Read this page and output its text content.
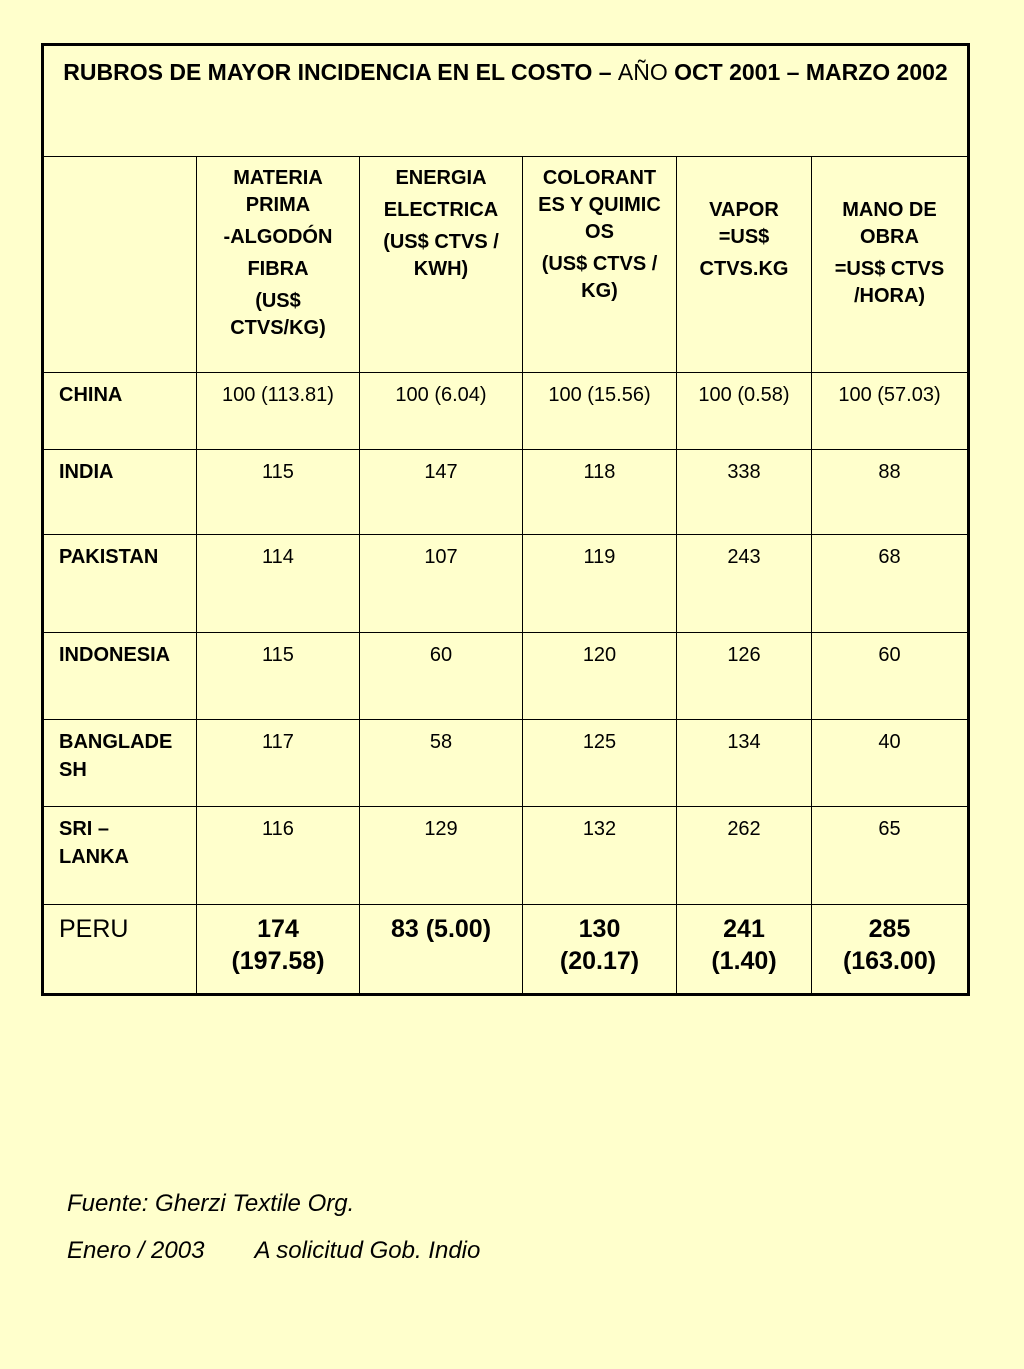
RUBROS DE MAYOR INCIDENCIA EN EL COSTO – AÑO OCT 2001 – MARZO 2002					

	MATERIA PRIMA
-ALGODÓN
FIBRA
(US$ CTVS/KG)	ENERGIA
ELECTRICA
(US$ CTVS / KWH)	COLORANTES Y QUIMICOS
(US$ CTVS / KG)	VAPOR =US$
CTVS.KG	MANO DE OBRA
=US$ CTVS /HORA)

CHINA	100 (113.81)	100 (6.04)	100 (15.56)	100 (0.58)	100 (57.03)
INDIA	115	147	118	338	88
PAKISTAN	114	107	119	243	68
INDONESIA	115	60	120	126	60
BANGLADESH	117	58	125	134	40
SRI – LANKA	116	129	132	262	65
PERU	174 (197.58)	83 (5.00)	130 (20.17)	241 (1.40)	285 (163.00)
Fuente: Gherzi Textile Org.
Enero / 2003 A solicitud Gob. Indio
